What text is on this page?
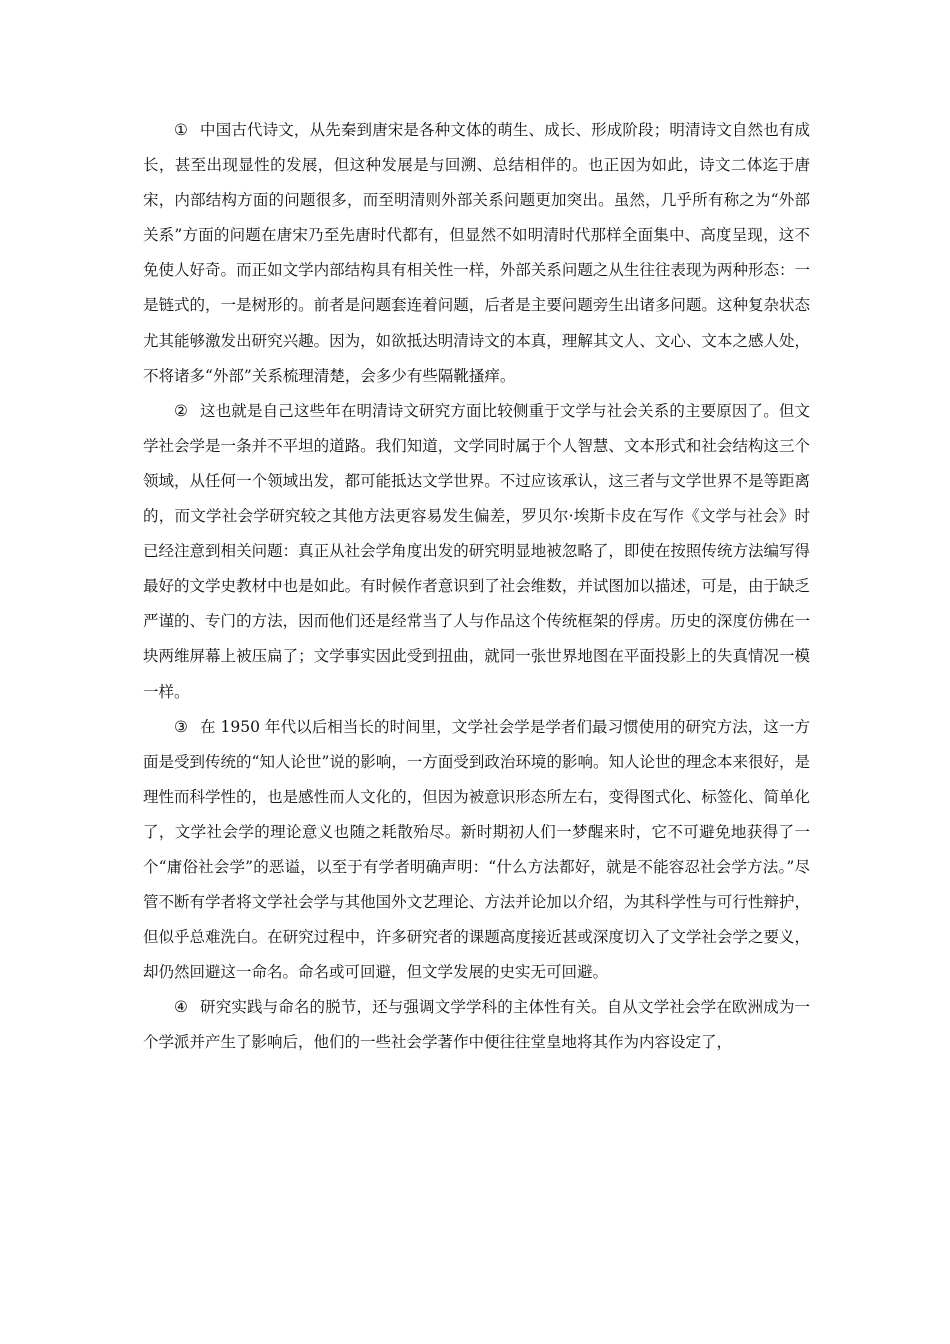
① 中国古代诗文，从先秦到唐宋是各种文体的萌生、成长、形成阶段；明清诗文自然也有成长，甚至出现显性的发展，但这种发展是与回溯、总结相伴的。也正因为如此，诗文二体迄于唐宋，内部结构方面的问题很多，而至明清则外部关系问题更加突出。虽然，几乎所有称之为“外部关系”方面的问题在唐宋乃至先唐时代都有，但显然不如明清时代那样全面集中、高度呈现，这不免使人好奇。而正如文学内部结构具有相关性一样，外部关系问题之从生往往表现为两种形态：一是链式的，一是树形的。前者是问题套连着问题，后者是主要问题旁生出诸多问题。这种复杂状态尤其能够激发出研究兴趣。因为，如欲抵达明清诗文的本真，理解其文人、文心、文本之感人处，不将诸多“外部”关系梳理清楚，会多少有些隔靴搔痒。

② 这也就是自己这些年在明清诗文研究方面比较侧重于文学与社会关系的主要原因了。但文学社会学是一条并不平坦的道路。我们知道，文学同时属于个人智慧、文本形式和社会结构这三个领域，从任何一个领域出发，都可能抵达文学世界。不过应该承认，这三者与文学世界不是等距离的，而文学社会学研究较之其他方法更容易发生偏差，罗贝尔·埃斯卡皮在写作《文学与社会》时已经注意到相关问题：真正从社会学角度出发的研究明显地被忽略了，即使在按照传统方法编写得最好的文学史教材中也是如此。有时候作者意识到了社会维数，并试图加以描述，可是，由于缺乏严谨的、专门的方法，因而他们还是经常当了人与作品这个传统框架的俘虏。历史的深度仿佛在一块两维屏幕上被压扁了；文学事实因此受到扭曲，就同一张世界地图在平面投影上的失真情况一模一样。

③ 在 1950 年代以后相当长的时间里，文学社会学是学者们最习惯使用的研究方法，这一方面是受到传统的“知人论世”说的影响，一方面受到政治环境的影响。知人论世的理念本来很好，是理性而科学性的，也是感性而人文化的，但因为被意识形态所左右，变得图式化、标签化、简单化了，文学社会学的理论意义也随之耗散殆尽。新时期初人们一梦醒来时，它不可避免地获得了一个“庸俗社会学”的恶谥，以至于有学者明确声明：“什么方法都好，就是不能容忍社会学方法。”尽管不断有学者将文学社会学与其他国外文艺理论、方法并论加以介绍，为其科学性与可行性辩护，但似乎总难洗白。在研究过程中，许多研究者的课题高度接近甚或深度切入了文学社会学之要义，却仍然回避这一命名。命名或可回避，但文学发展的史实无可回避。

④ 研究实践与命名的脱节，还与强调文学学科的主体性有关。自从文学社会学在欧洲成为一个学派并产生了影响后，他们的一些社会学著作中便往往堂皇地将其作为内容设定了，
